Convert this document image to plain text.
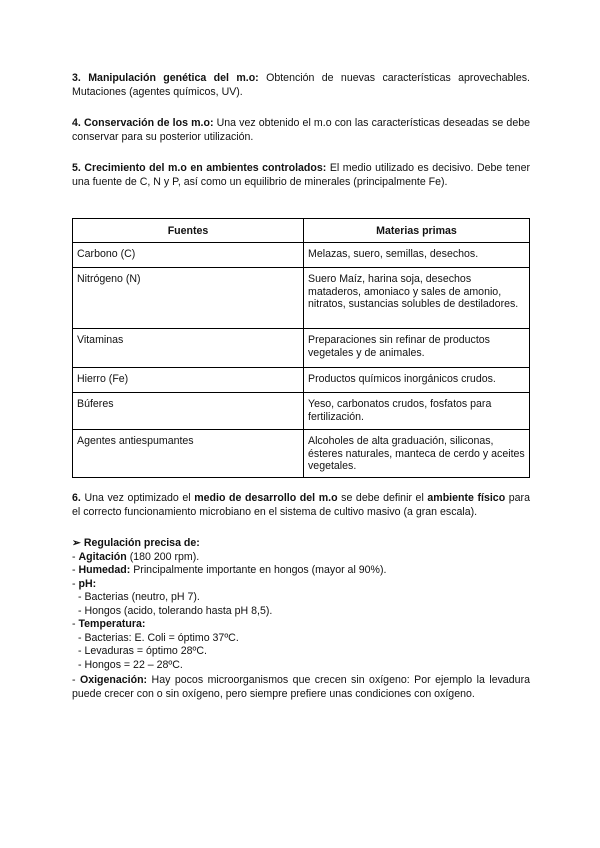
3. Manipulación genética del m.o: Obtención de nuevas características aprovechables. Mutaciones (agentes químicos, UV).

4. Conservación de los m.o: Una vez obtenido el m.o con las características deseadas se debe conservar para su posterior utilización.

5. Crecimiento del m.o en ambientes controlados: El medio utilizado es decisivo. Debe tener una fuente de C, N y P, así como un equilibrio de minerales (principalmente Fe).

Fuentes	Materias primas
Carbono (C)	Melazas, suero, semillas, desechos.
Nitrógeno (N)	Suero Maíz, harina soja, desechos mataderos, amoniaco y sales de amonio, nitratos, sustancias solubles de destiladores.
Vitaminas	Preparaciones sin refinar de productos vegetales y de animales.
Hierro (Fe)	Productos químicos inorgánicos crudos.
Búferes	Yeso, carbonatos crudos, fosfatos para fertilización.
Agentes antiespumantes	Alcoholes de alta graduación, siliconas, ésteres naturales, manteca de cerdo y aceites vegetales.

6. Una vez optimizado el medio de desarrollo del m.o se debe definir el ambiente físico para el correcto funcionamiento microbiano en el sistema de cultivo masivo (a gran escala).

➢ Regulación precisa de:

- Agitación (180 200 rpm).

- Humedad: Principalmente importante en hongos (mayor al 90%).

- pH:

- Bacterias (neutro, pH 7).

- Hongos (acido, tolerando hasta pH 8,5).

- Temperatura:

- Bacterias: E. Coli = óptimo 37ºC.

- Levaduras = óptimo 28ºC.

- Hongos = 22 – 28ºC.

- Oxigenación: Hay pocos microorganismos que crecen sin oxígeno: Por ejemplo la levadura puede crecer con o sin oxígeno, pero siempre prefiere unas condiciones con oxígeno.
